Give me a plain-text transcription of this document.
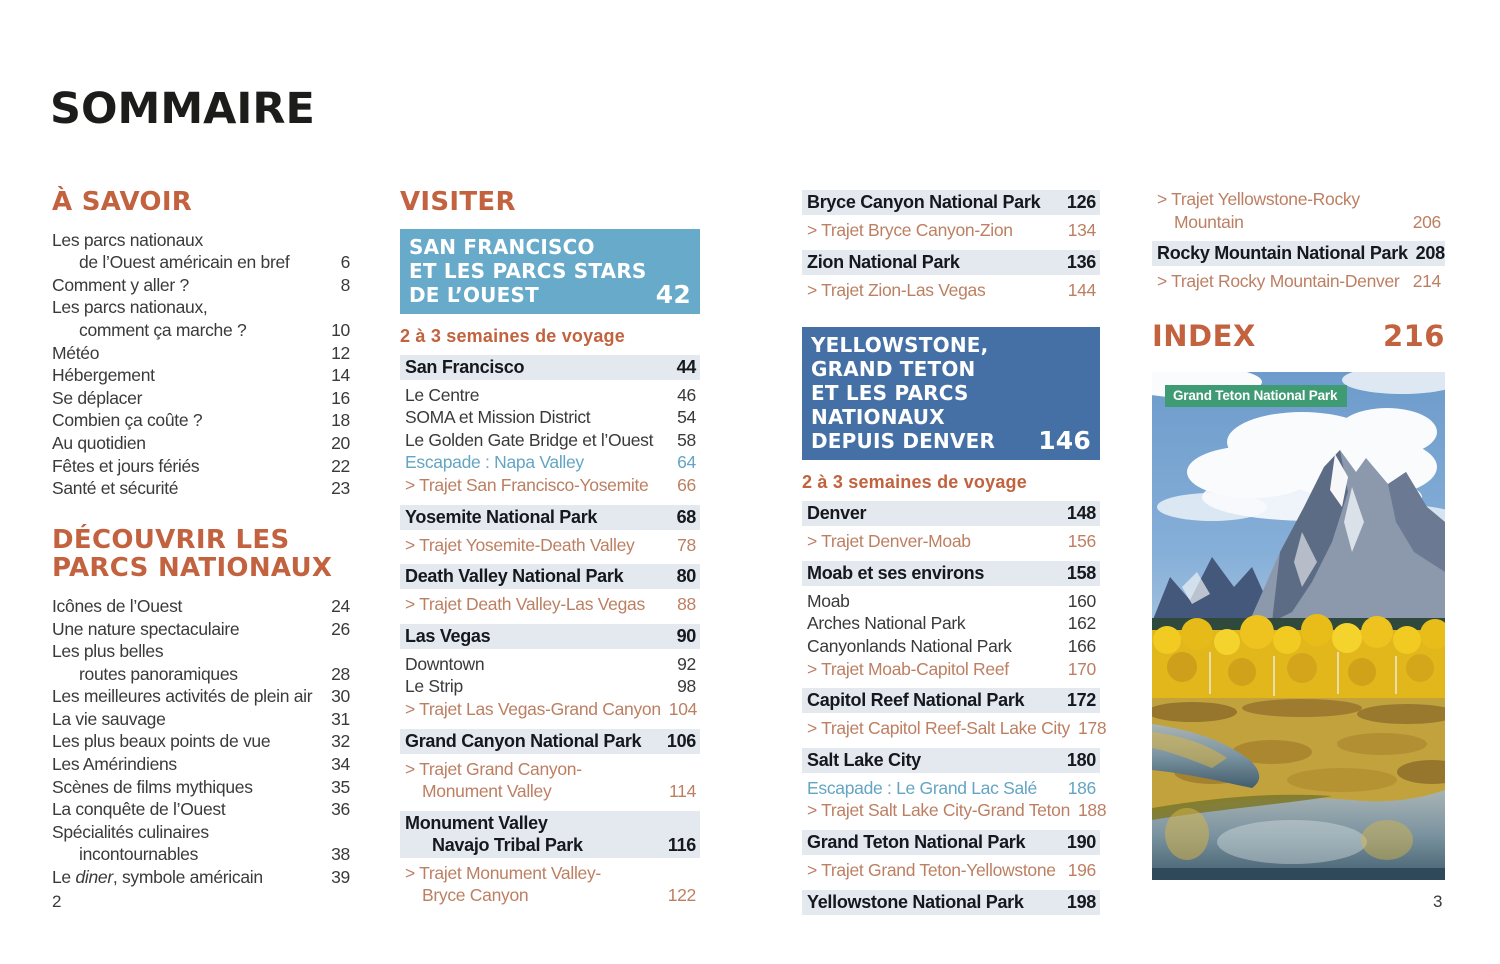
SOMMAIRE
À SAVOIR
Les parcs nationaux
de l’Ouest américain en bref	6
Comment y aller ?	8
Les parcs nationaux,
comment ça marche ?	10
Météo	12
Hébergement	14
Se déplacer	16
Combien ça coûte ?	18
Au quotidien	20
Fêtes et jours fériés	22
Santé et sécurité	23
DÉCOUVRIR LES
PARCS NATIONAUX
Icônes de l’Ouest	24
Une nature spectaculaire	26
Les plus belles
routes panoramiques	28
Les meilleures activités de plein air 30
La vie sauvage	31
Les plus beaux points de vue	32
Les Amérindiens	34
Scènes de films mythiques	35
La conquête de l’Ouest	36
Spécialités culinaires
incontournables	38
Le diner, symbole américain	39
VISITER
SAN FRANCISCO
ET LES PARCS STARS
DE L’OUEST	42
2 à 3 semaines de voyage
San Francisco	44
Le Centre	46
SOMA et Mission District	54
Le Golden Gate Bridge et l’Ouest 58
Escapade : Napa Valley	64
> Trajet San Francisco-Yosemite 66
Yosemite National Park	68
> Trajet Yosemite-Death Valley 78
Death Valley National Park	80
> Trajet Death Valley-Las Vegas 88
Las Vegas	90
Downtown	92
Le Strip	98
> Trajet Las Vegas-Grand Canyon 104
Grand Canyon National Park 106
> Trajet Grand Canyon-
Monument Valley	114
Monument Valley
Navajo Tribal Park	116
> Trajet Monument Valley-
Bryce Canyon	122
Bryce Canyon National Park 126
> Trajet Bryce Canyon-Zion	134
Zion National Park	136
> Trajet Zion-Las Vegas	144
YELLOWSTONE,
GRAND TETON
ET LES PARCS NATIONAUX
DEPUIS DENVER 146
2 à 3 semaines de voyage
Denver	148
> Trajet Denver-Moab	156
Moab et ses environs	158
Moab	160
Arches National Park	162
Canyonlands National Park	166
> Trajet Moab-Capitol Reef	170
Capitol Reef National Park 172
> Trajet Capitol Reef-Salt Lake City 178
Salt Lake City	180
Escapade : Le Grand Lac Salé 186
> Trajet Salt Lake City-Grand Teton 188
Grand Teton National Park 190
> Trajet Grand Teton-Yellowstone 196
Yellowstone National Park 198
> Trajet Yellowstone-Rocky
Mountain	206
Rocky Mountain National Park 208
> Trajet Rocky Mountain-Denver 214
INDEX	216
Grand Teton National Park
2	3
